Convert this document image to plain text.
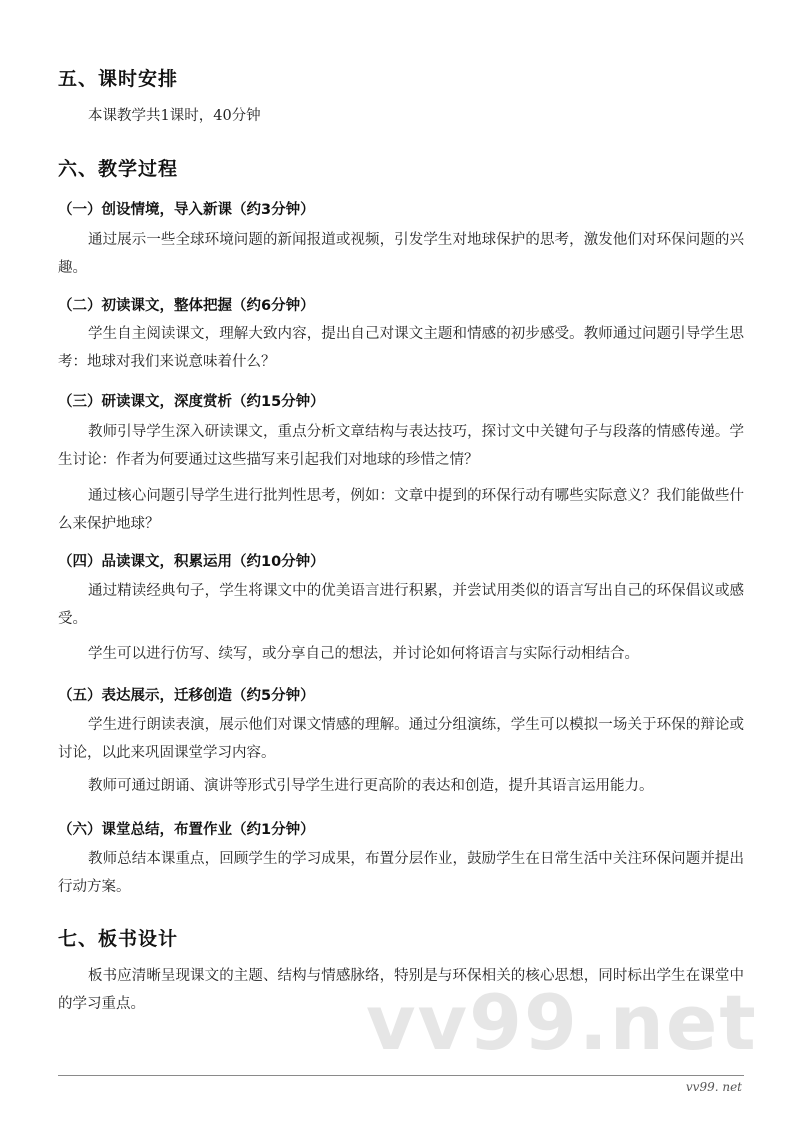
五、课时安排

本课教学共1课时，40分钟

六、教学过程
（一）创设情境，导入新课（约3分钟）

通过展示一些全球环境问题的新闻报道或视频，引发学生对地球保护的思考，激发他们对环保问题的兴趣。

（二）初读课文，整体把握（约6分钟）

学生自主阅读课文，理解大致内容，提出自己对课文主题和情感的初步感受。教师通过问题引导学生思考：地球对我们来说意味着什么？

（三）研读课文，深度赏析（约15分钟）

教师引导学生深入研读课文，重点分析文章结构与表达技巧，探讨文中关键句子与段落的情感传递。学生讨论：作者为何要通过这些描写来引起我们对地球的珍惜之情？

通过核心问题引导学生进行批判性思考，例如：文章中提到的环保行动有哪些实际意义？我们能做些什么来保护地球？

（四）品读课文，积累运用（约10分钟）

通过精读经典句子，学生将课文中的优美语言进行积累，并尝试用类似的语言写出自己的环保倡议或感受。

学生可以进行仿写、续写，或分享自己的想法，并讨论如何将语言与实际行动相结合。

（五）表达展示，迁移创造（约5分钟）

学生进行朗读表演，展示他们对课文情感的理解。通过分组演练，学生可以模拟一场关于环保的辩论或讨论，以此来巩固课堂学习内容。

教师可通过朗诵、演讲等形式引导学生进行更高阶的表达和创造，提升其语言运用能力。

（六）课堂总结，布置作业（约1分钟）

教师总结本课重点，回顾学生的学习成果，布置分层作业，鼓励学生在日常生活中关注环保问题并提出行动方案。

七、板书设计

板书应清晰呈现课文的主题、结构与情感脉络，特别是与环保相关的核心思想，同时标出学生在课堂中的学习重点。	vv99.net
vv99. net
